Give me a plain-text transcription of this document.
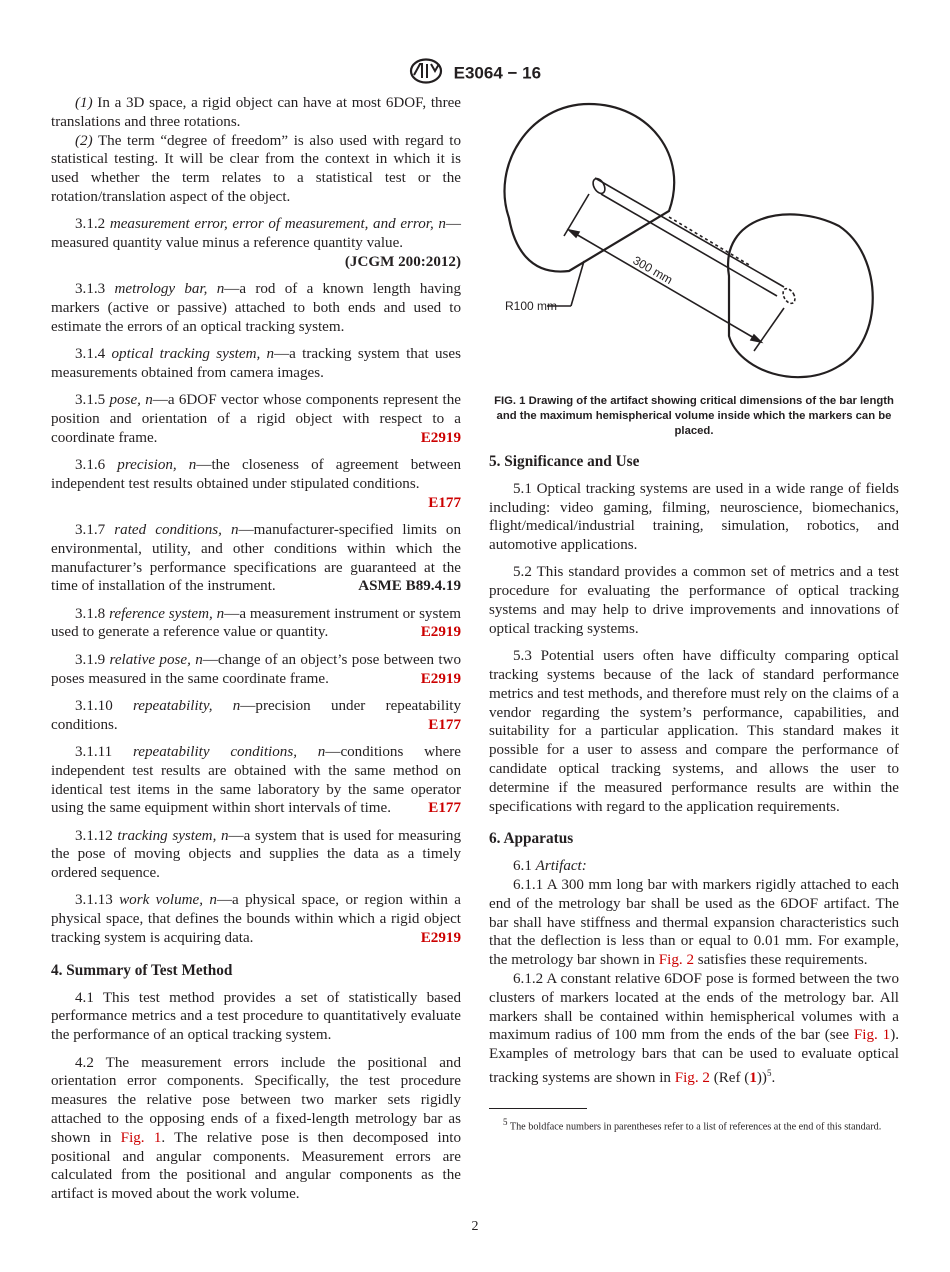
E3064 − 16

(1) In a 3D space, a rigid object can have at most 6DOF, three translations and three rotations.

(2) The term “degree of freedom” is also used with regard to statistical testing. It will be clear from the context in which it is used whether the term relates to a statistical test or the rotation/translation aspect of the object.

3.1.2 measurement error, error of measurement, and error, n—measured quantity value minus a reference quantity value.

(JCGM 200:2012)

3.1.3 metrology bar, n—a rod of a known length having markers (active or passive) attached to both ends and used to estimate the errors of an optical tracking system.

3.1.4 optical tracking system, n—a tracking system that uses measurements obtained from camera images.

3.1.5 pose, n—a 6DOF vector whose components represent the position and orientation of a rigid object with respect to a coordinate frame.	E2919

3.1.6 precision, n—the closeness of agreement between independent test results obtained under stipulated conditions.

E177

3.1.7 rated conditions, n—manufacturer-specified limits on environmental, utility, and other conditions within which the manufacturer’s performance specifications are guaranteed at the time of installation of the instrument.	ASME B89.4.19

3.1.8 reference system, n—a measurement instrument or system used to generate a reference value or quantity.	E2919

3.1.9 relative pose, n—change of an object’s pose between two poses measured in the same coordinate frame.	E2919

3.1.10 repeatability, n—precision under repeatability conditions.	E177

3.1.11 repeatability conditions, n—conditions where independent test results are obtained with the same method on identical test items in the same laboratory by the same operator using the same equipment within short intervals of time.	E177

3.1.12 tracking system, n—a system that is used for measuring the pose of moving objects and supplies the data as a timely ordered sequence.

3.1.13 work volume, n—a physical space, or region within a physical space, that defines the bounds within which a rigid object tracking system is acquiring data.	E2919

4. Summary of Test Method

4.1 This test method provides a set of statistically based performance metrics and a test procedure to quantitatively evaluate the performance of an optical tracking system.

4.2 The measurement errors include the positional and orientation error components. Specifically, the test procedure measures the relative pose between two marker sets rigidly attached to the opposing ends of a fixed-length metrology bar as shown in Fig. 1. The relative pose is then decomposed into positional and angular components. Measurement errors are calculated from the positional and angular components as the artifact is moved about the work volume.

300 mm
R100 mm
FIG. 1 Drawing of the artifact showing critical dimensions of the bar length and the maximum hemispherical volume inside which the markers can be placed.
5. Significance and Use

5.1 Optical tracking systems are used in a wide range of fields including: video gaming, filming, neuroscience, biomechanics, flight/medical/industrial training, simulation, robotics, and automotive applications.

5.2 This standard provides a common set of metrics and a test procedure for evaluating the performance of optical tracking systems and may help to drive improvements and innovations of optical tracking systems.

5.3 Potential users often have difficulty comparing optical tracking systems because of the lack of standard performance metrics and test methods, and therefore must rely on the claims of a vendor regarding the system’s performance, capabilities, and suitability for a particular application. This standard makes it possible for a user to assess and compare the performance of candidate optical tracking systems, and allows the user to determine if the measured performance results are within the specifications with regard to the application requirements.

6. Apparatus

6.1 Artifact:

6.1.1 A 300 mm long bar with markers rigidly attached to each end of the metrology bar shall be used as the 6DOF artifact. The bar shall have stiffness and thermal expansion characteristics such that the deflection is less than or equal to 0.01 mm. For example, the metrology bar shown in Fig. 2 satisfies these requirements.

6.1.2 A constant relative 6DOF pose is formed between the two clusters of markers located at the ends of the metrology bar. All markers shall be contained within hemispherical volumes with a maximum radius of 100 mm from the ends of the bar (see Fig. 1). Examples of metrology bars that can be used to evaluate optical tracking systems are shown in Fig. 2 (Ref (1))$^5$.

$^5$ The boldface numbers in parentheses refer to a list of references at the end of this standard.

2
